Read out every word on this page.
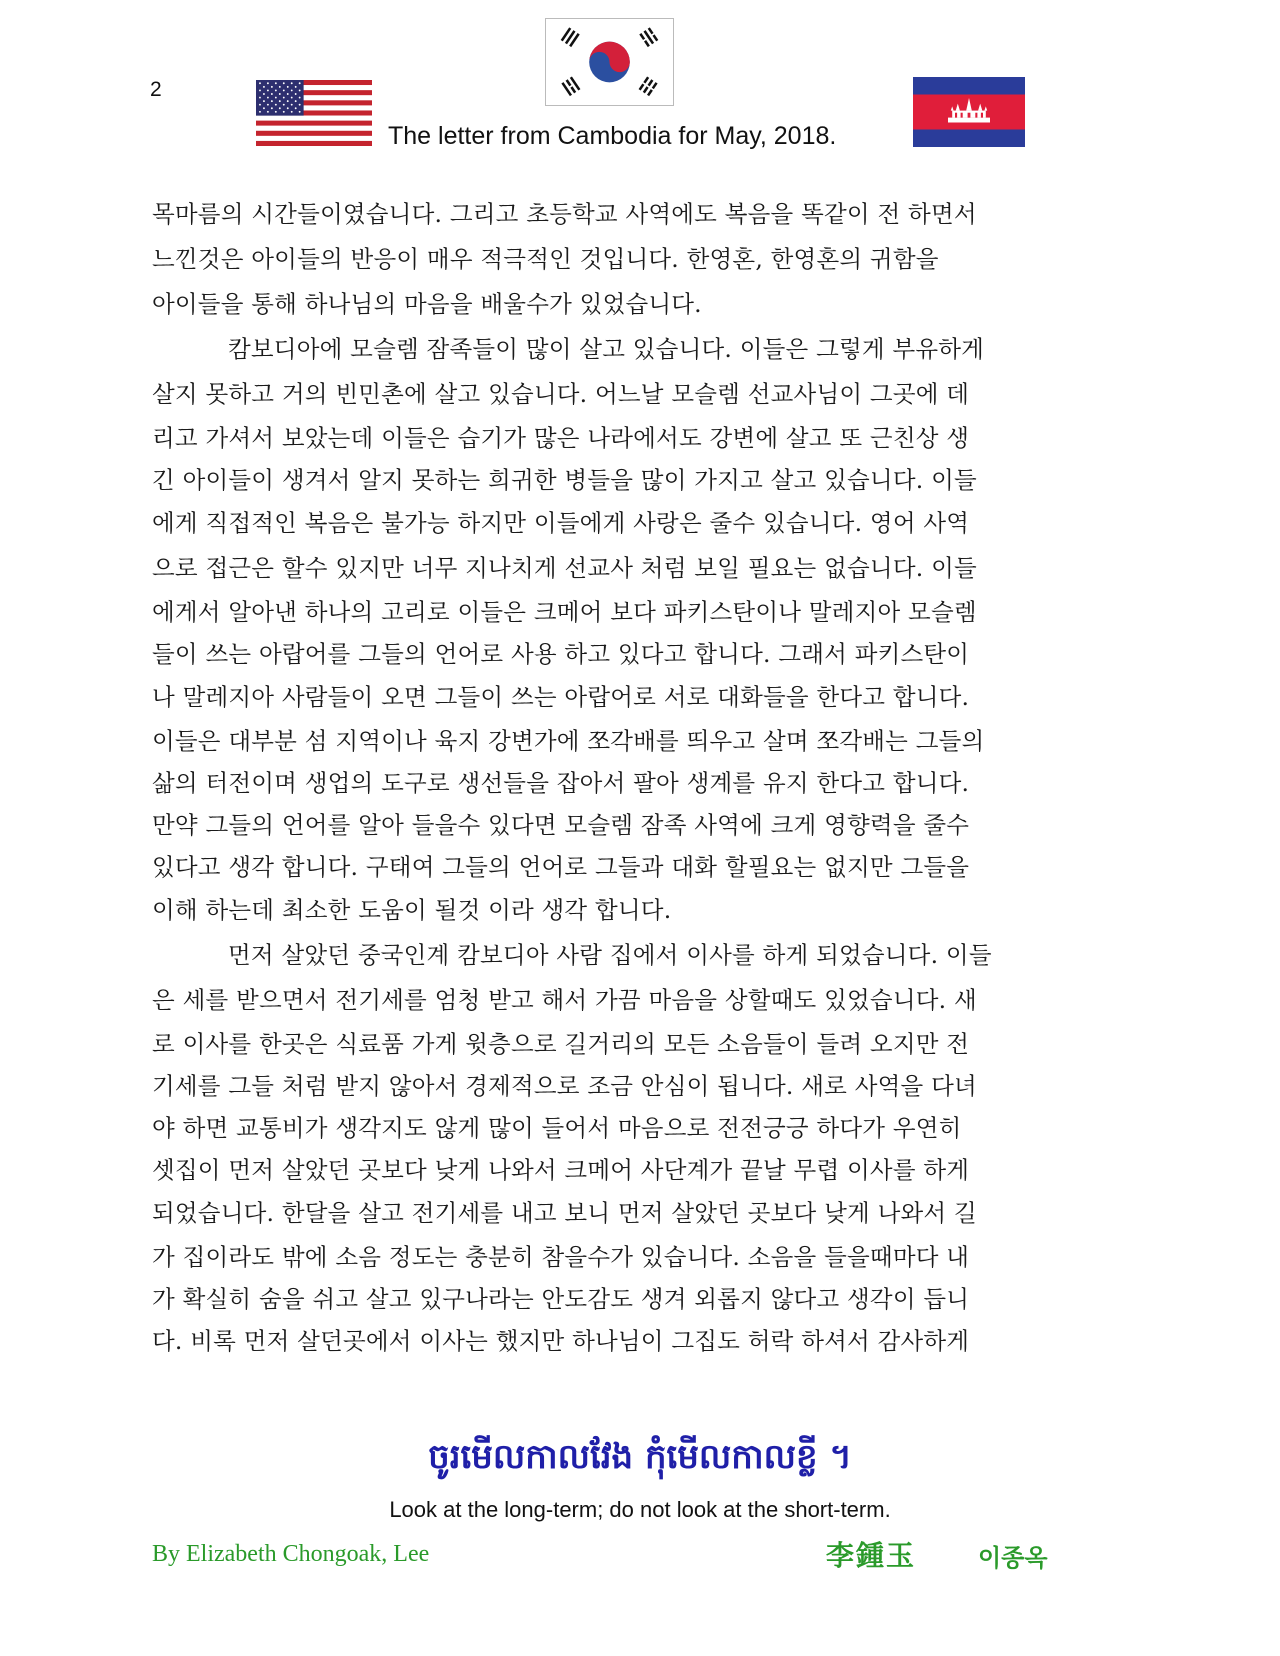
2
The letter from Cambodia for May, 2018.
목마름의 시간들이였습니다. 그리고 초등학교 사역에도 복음을 똑같이 전 하면서
느낀것은 아이들의 반응이 매우 적극적인 것입니다. 한영혼, 한영혼의 귀함을
아이들을 통해 하나님의 마음을 배울수가 있었습니다.
캄보디아에 모슬렘 잠족들이 많이 살고 있습니다. 이들은 그렇게 부유하게
살지 못하고 거의 빈민촌에 살고 있습니다. 어느날 모슬렘 선교사님이 그곳에 데
리고 가셔서 보았는데 이들은 습기가 많은 나라에서도 강변에 살고 또 근친상 생
긴 아이들이 생겨서 알지 못하는 희귀한 병들을 많이 가지고 살고 있습니다. 이들
에게 직접적인 복음은 불가능 하지만 이들에게 사랑은 줄수 있습니다. 영어 사역
으로 접근은 할수 있지만 너무 지나치게 선교사 처럼 보일 필요는 없습니다. 이들
에게서 알아낸 하나의 고리로 이들은 크메어 보다 파키스탄이나 말레지아 모슬렘
들이 쓰는 아랍어를 그들의 언어로 사용 하고 있다고 합니다. 그래서 파키스탄이
나 말레지아 사람들이 오면 그들이 쓰는 아랍어로 서로 대화들을 한다고 합니다.
이들은 대부분 섬 지역이나 육지 강변가에 쪼각배를 띄우고 살며 쪼각배는 그들의
삶의 터전이며 생업의 도구로 생선들을 잡아서 팔아 생계를 유지 한다고 합니다.
만약 그들의 언어를 알아 들을수 있다면 모슬렘 잠족 사역에 크게 영향력을 줄수
있다고 생각 합니다. 구태여 그들의 언어로 그들과 대화 할필요는 없지만 그들을
이해 하는데 최소한 도움이 될것 이라 생각 합니다.
먼저 살았던 중국인계 캄보디아 사람 집에서 이사를 하게 되었습니다. 이들
은 세를 받으면서 전기세를 엄청 받고 해서 가끔 마음을 상할때도 있었습니다. 새
로 이사를 한곳은 식료품 가게 윗층으로 길거리의 모든 소음들이 들려 오지만 전
기세를 그들 처럼 받지 않아서 경제적으로 조금 안심이 됩니다. 새로 사역을 다녀
야 하면 교통비가 생각지도 않게 많이 들어서 마음으로 전전긍긍 하다가 우연히
셋집이 먼저 살았던 곳보다 낮게 나와서 크메어 사단계가 끝날 무렵 이사를 하게
되었습니다. 한달을 살고 전기세를 내고 보니 먼저 살았던 곳보다 낮게 나와서 길
가 집이라도 밖에 소음 정도는 충분히 참을수가 있습니다. 소음을 들을때마다 내
가 확실히 숨을 쉬고 살고 있구나라는 안도감도 생겨 외롭지 않다고 생각이 듭니
다. 비록 먼저 살던곳에서 이사는 했지만 하나님이 그집도 허락 하셔서 감사하게
ចូរមើលកាលវែង កុំមើលកាលខ្លី ។
Look at the long-term; do not look at the short-term.
By Elizabeth Chongoak, Lee	李鍾玉	이종옥
